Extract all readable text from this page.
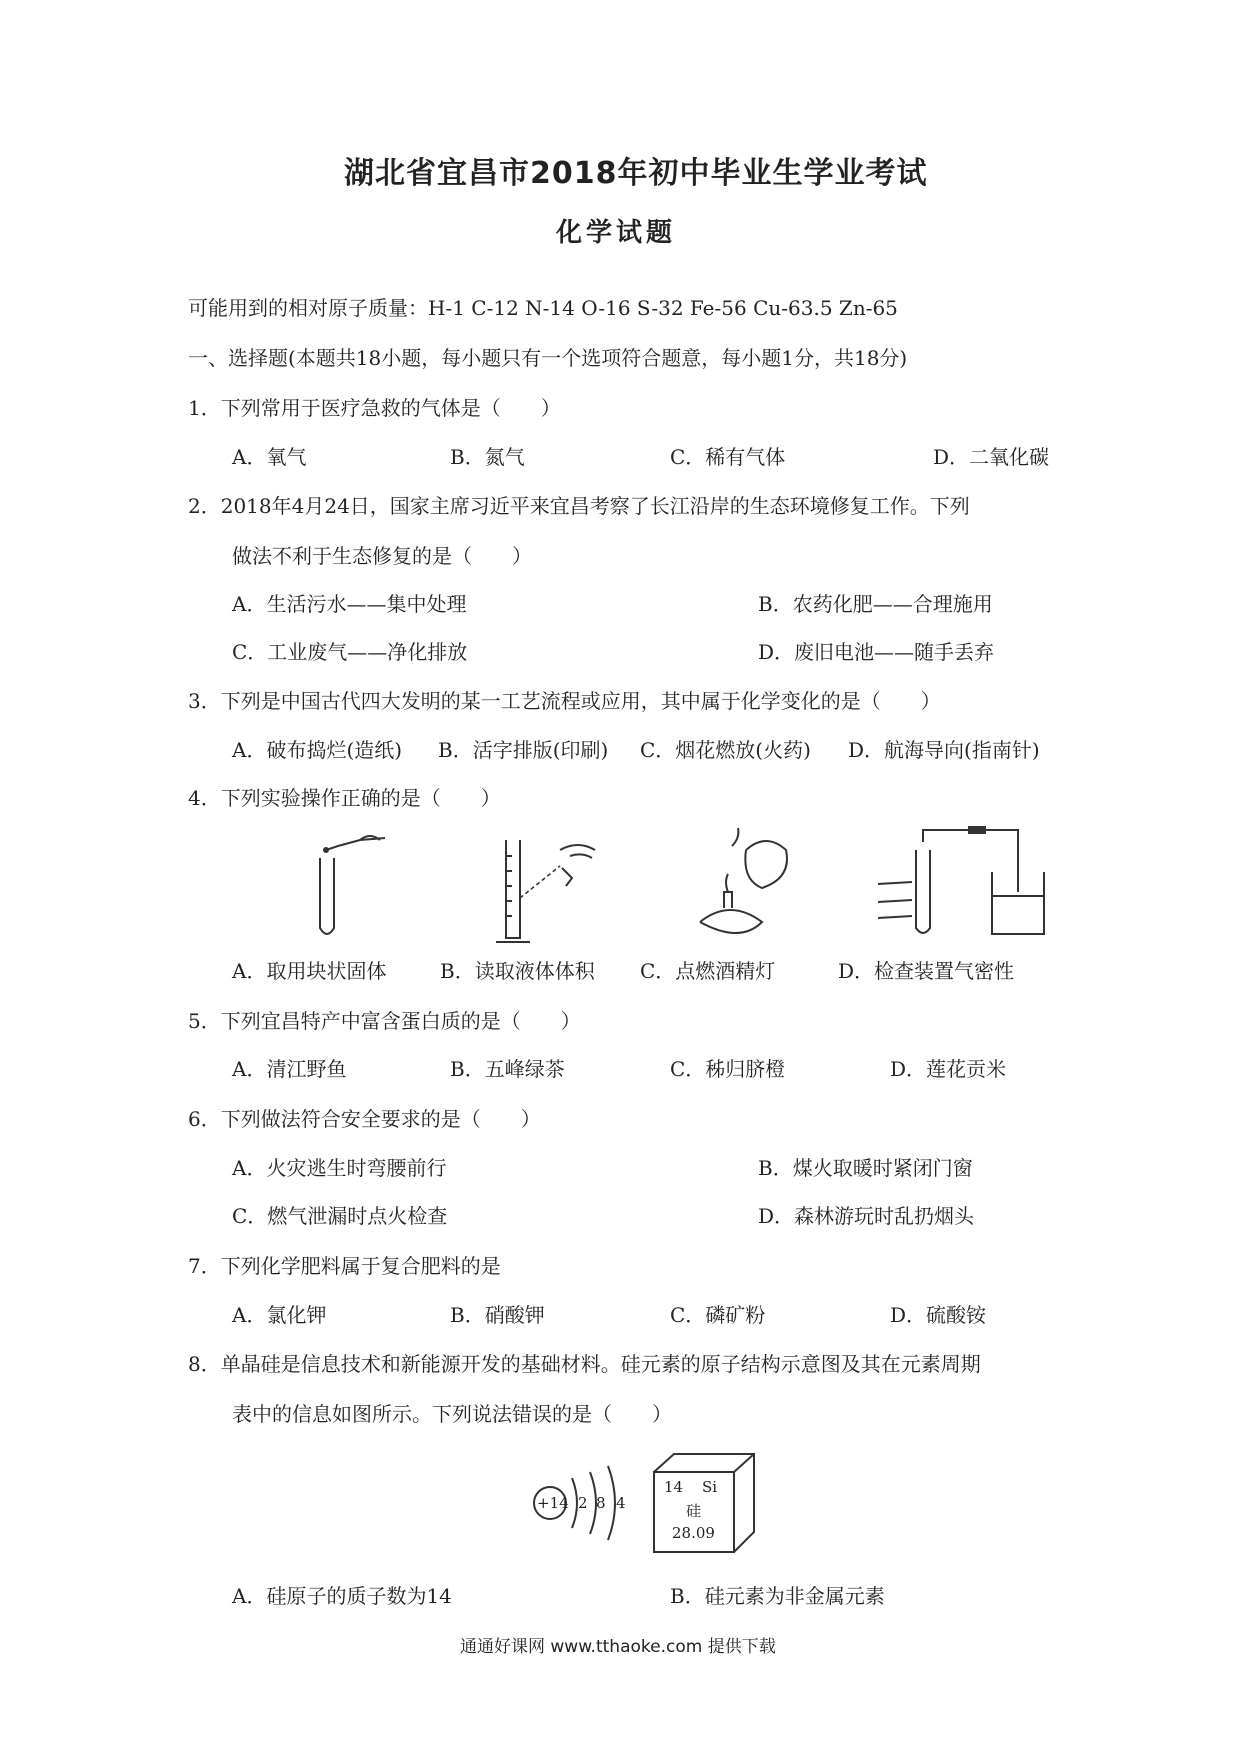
湖北省宜昌市2018年初中毕业生学业考试
化学试题
可能用到的相对原子质量：H-1 C-12 N-14 O-16 S-32 Fe-56 Cu-63.5 Zn-65
一、选择题(本题共18小题，每小题只有一个选项符合题意，每小题1分，共18分)
1．下列常用于医疗急救的气体是（　　）
A．氧气	B．氮气	C．稀有气体	D．二氧化碳
2．2018年4月24日，国家主席习近平来宜昌考察了长江沿岸的生态环境修复工作。下列
做法不利于生态修复的是（　　）
A．生活污水——集中处理	B．农药化肥——合理施用
C．工业废气——净化排放	D．废旧电池——随手丢弃
3．下列是中国古代四大发明的某一工艺流程或应用，其中属于化学变化的是（　　）
A．破布捣烂(造纸) B．活字排版(印刷) C．烟花燃放(火药) D．航海导向(指南针)
4．下列实验操作正确的是（　　）
A．取用块状固体	B．读取液体体积 C．点燃酒精灯	D．检查装置气密性
5．下列宜昌特产中富含蛋白质的是（　　）
A．清江野鱼	B．五峰绿茶	C．秭归脐橙	D．莲花贡米
6．下列做法符合安全要求的是（　　）
A．火灾逃生时弯腰前行	B．煤火取暖时紧闭门窗
C．燃气泄漏时点火检查	D．森林游玩时乱扔烟头
7．下列化学肥料属于复合肥料的是
A．氯化钾	B．硝酸钾	C．磷矿粉	D．硫酸铵
8．单晶硅是信息技术和新能源开发的基础材料。硅元素的原子结构示意图及其在元素周期
表中的信息如图所示。下列说法错误的是（　　）
+14 2 8 4
14 Si
硅
28.09
A．硅原子的质子数为14	B．硅元素为非金属元素
通通好课网 www.tthaoke.com 提供下载
